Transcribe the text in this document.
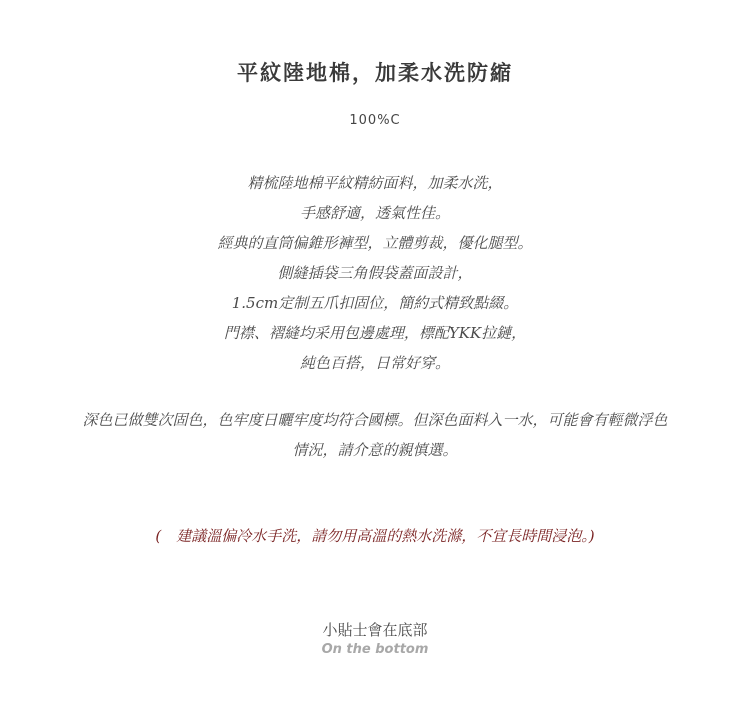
平紋陸地棉，加柔水洗防縮
100%C
精梳陸地棉平紋精紡面料，加柔水洗，
手感舒適，透氣性佳。
經典的直筒偏錐形褲型，立體剪裁，優化腿型。
側縫插袋三角假袋蓋面設計，
1.5cm定制五爪扣固位，簡約式精致點綴。
門襟、褶縫均采用包邊處理，標配YKK拉鏈，
純色百搭，日常好穿。
深色已做雙次固色，色牢度日曬牢度均符合國標。但深色面料入一水，可能會有輕微浮色
情況，請介意的親慎選。
(　建議溫偏冷水手洗，請勿用高溫的熱水洗滌，不宜長時間浸泡。)
小貼士會在底部
On the bottom
